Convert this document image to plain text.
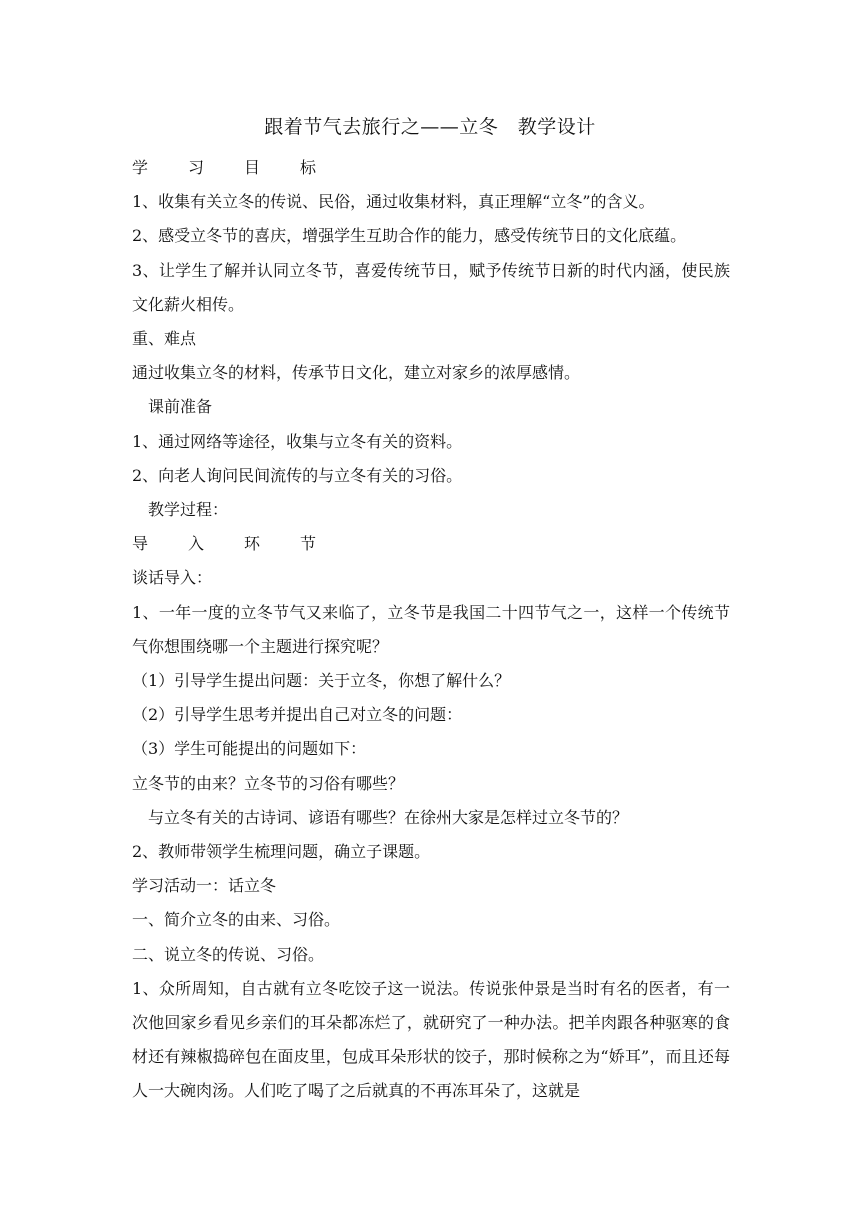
跟着节气去旅行之——立冬　教学设计

学　习　目　标

1、收集有关立冬的传说、民俗，通过收集材料，真正理解“立冬”的含义。

2、感受立冬节的喜庆，增强学生互助合作的能力，感受传统节日的文化底蕴。

3、让学生了解并认同立冬节，喜爱传统节日，赋予传统节日新的时代内涵，使民族文化薪火相传。

重、难点

通过收集立冬的材料，传承节日文化，建立对家乡的浓厚感情。

课前准备

1、通过网络等途径，收集与立冬有关的资料。

2、向老人询问民间流传的与立冬有关的习俗。

教学过程：

导　入　环　节

谈话导入：

1、一年一度的立冬节气又来临了，立冬节是我国二十四节气之一，这样一个传统节气你想围绕哪一个主题进行探究呢？

（1）引导学生提出问题：关于立冬，你想了解什么？

（2）引导学生思考并提出自己对立冬的问题：

（3）学生可能提出的问题如下：

立冬节的由来？立冬节的习俗有哪些？

与立冬有关的古诗词、谚语有哪些？在徐州大家是怎样过立冬节的？

2、教师带领学生梳理问题，确立子课题。

学习活动一：话立冬

一、简介立冬的由来、习俗。

二、说立冬的传说、习俗。

1、众所周知，自古就有立冬吃饺子这一说法。传说张仲景是当时有名的医者，有一次他回家乡看见乡亲们的耳朵都冻烂了，就研究了一种办法。把羊肉跟各种驱寒的食材还有辣椒捣碎包在面皮里，包成耳朵形状的饺子，那时候称之为“娇耳”，而且还每人一大碗肉汤。人们吃了喝了之后就真的不再冻耳朵了，这就是
